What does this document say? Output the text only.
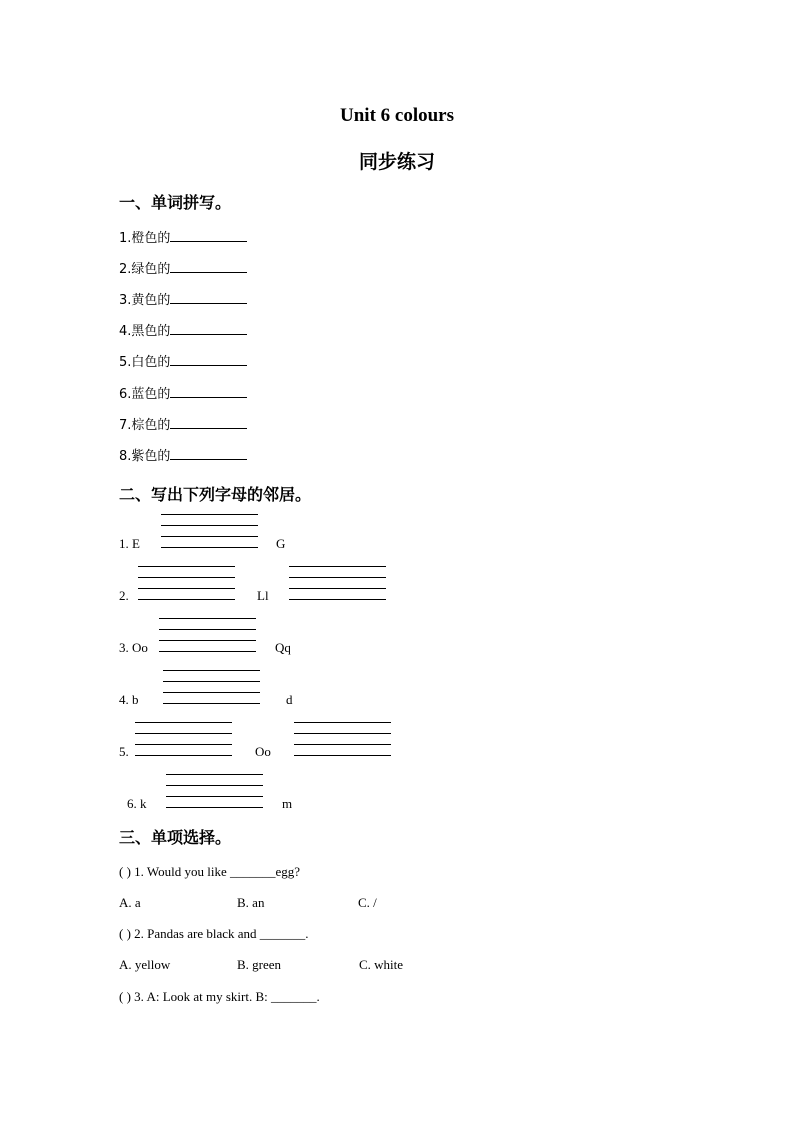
Unit 6 colours
同步练习
一、单词拼写。
1.橙色的
2.绿色的
3.黄色的
4.黑色的
5.白色的
6.蓝色的
7.棕色的
8.紫色的
二、写出下列字母的邻居。
1. E	G
2.	Ll
3. Oo	Qq
4. b	d
5.	Oo
6. k	m
三、单项选择。
( ) 1. Would you like _______egg?
A. a	B. an	C. /
( ) 2. Pandas are black and _______.
A. yellow	B. green	C. white
( ) 3. A: Look at my skirt. B: _______.
